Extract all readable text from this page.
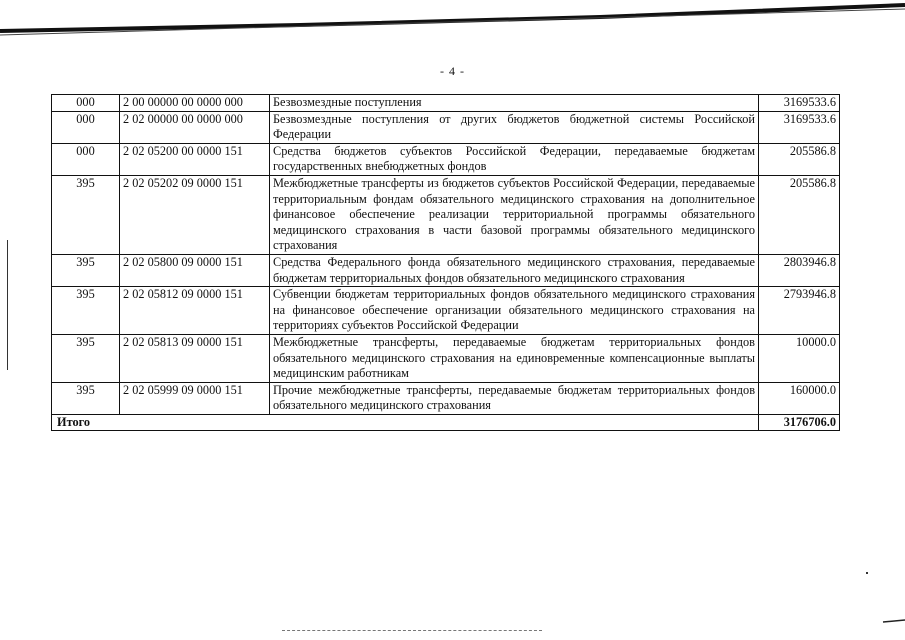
- 4 -
000	2 00 00000 00 0000 000	Безвозмездные поступления	3169533.6
000	2 02 00000 00 0000 000	Безвозмездные поступления от других бюджетов бюджетной системы Российской Федерации	3169533.6
000	2 02 05200 00 0000 151	Средства бюджетов субъектов Российской Федерации, передаваемые бюджетам государственных внебюджетных фондов	205586.8
395	2 02 05202 09 0000 151	Межбюджетные трансферты из бюджетов субъектов Российской Федерации, передаваемые территориальным фондам обязательного медицинского страхования на дополнительное финансовое обеспечение реализации территориальной программы обязательного медицинского страхования в части базовой программы обязательного медицинского страхования	205586.8
395	2 02 05800 09 0000 151	Средства Федерального фонда обязательного медицинского страхования, передаваемые бюджетам территориальных фондов обязательного медицинского страхования	2803946.8
395	2 02 05812 09 0000 151	Субвенции бюджетам территориальных фондов обязательного медицинского страхования на финансовое обеспечение организации обязательного медицинского страхования на территориях субъектов Российской Федерации	2793946.8
395	2 02 05813 09 0000 151	Межбюджетные трансферты, передаваемые бюджетам территориальных фондов обязательного медицинского страхования на единовременные компенсационные выплаты медицинским работникам	10000.0
395	2 02 05999 09 0000 151	Прочие межбюджетные трансферты, передаваемые бюджетам территориальных фондов обязательного медицинского страхования	160000.0
Итого			3176706.0
